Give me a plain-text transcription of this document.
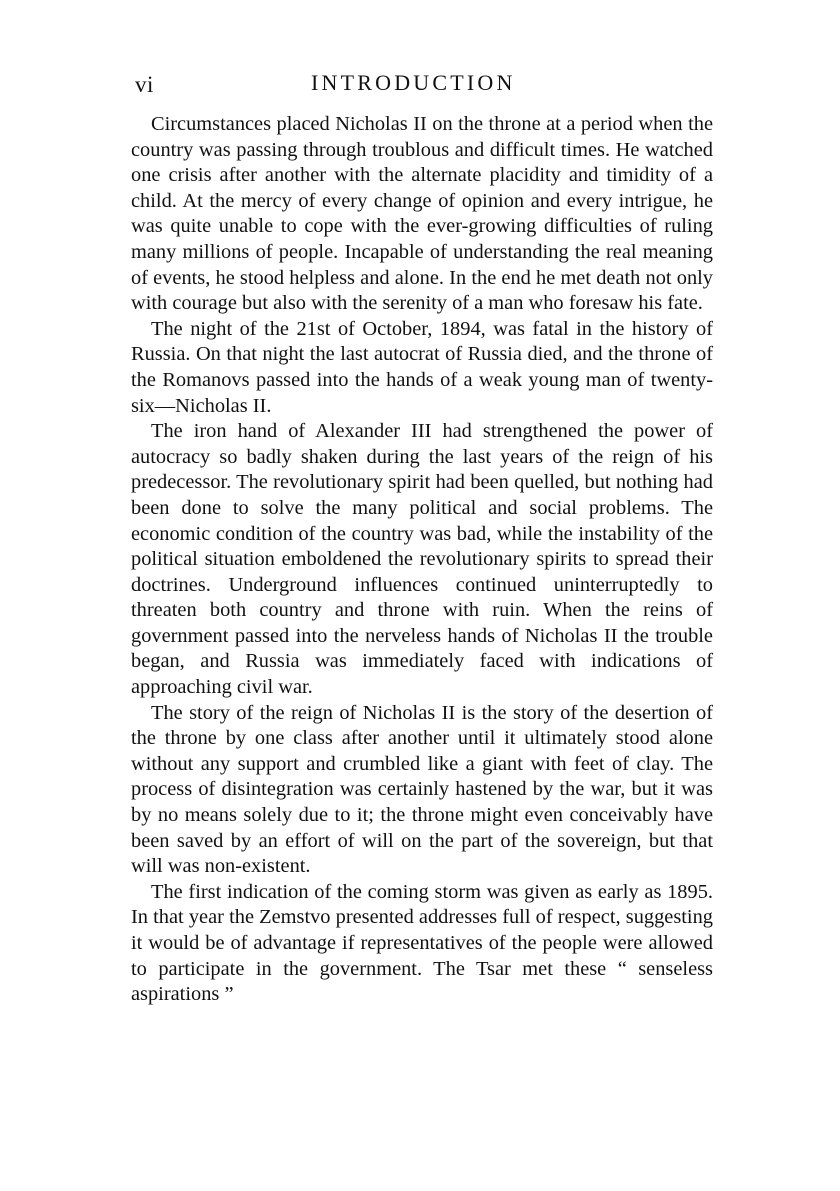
vi	INTRODUCTION

Circumstances placed Nicholas II on the throne at a period when the country was passing through troublous and difficult times. He watched one crisis after another with the alternate placidity and timidity of a child. At the mercy of every change of opinion and every intrigue, he was quite unable to cope with the ever-growing difficulties of ruling many millions of people. Incapable of understanding the real meaning of events, he stood helpless and alone. In the end he met death not only with courage but also with the serenity of a man who foresaw his fate.

The night of the 21st of October, 1894, was fatal in the history of Russia. On that night the last autocrat of Russia died, and the throne of the Romanovs passed into the hands of a weak young man of twenty-six—Nicholas II.

The iron hand of Alexander III had strengthened the power of autocracy so badly shaken during the last years of the reign of his predecessor. The revolutionary spirit had been quelled, but nothing had been done to solve the many political and social problems. The economic condition of the country was bad, while the instability of the political situation emboldened the revolutionary spirits to spread their doctrines. Underground influences continued uninterruptedly to threaten both country and throne with ruin. When the reins of government passed into the nerveless hands of Nicholas II the trouble began, and Russia was immediately faced with indications of approaching civil war.

The story of the reign of Nicholas II is the story of the desertion of the throne by one class after another until it ultimately stood alone without any support and crumbled like a giant with feet of clay. The process of disintegration was certainly hastened by the war, but it was by no means solely due to it; the throne might even conceivably have been saved by an effort of will on the part of the sovereign, but that will was non-existent.

The first indication of the coming storm was given as early as 1895. In that year the Zemstvo presented addresses full of respect, suggesting it would be of advantage if representatives of the people were allowed to participate in the government. The Tsar met these “ senseless aspirations ”
